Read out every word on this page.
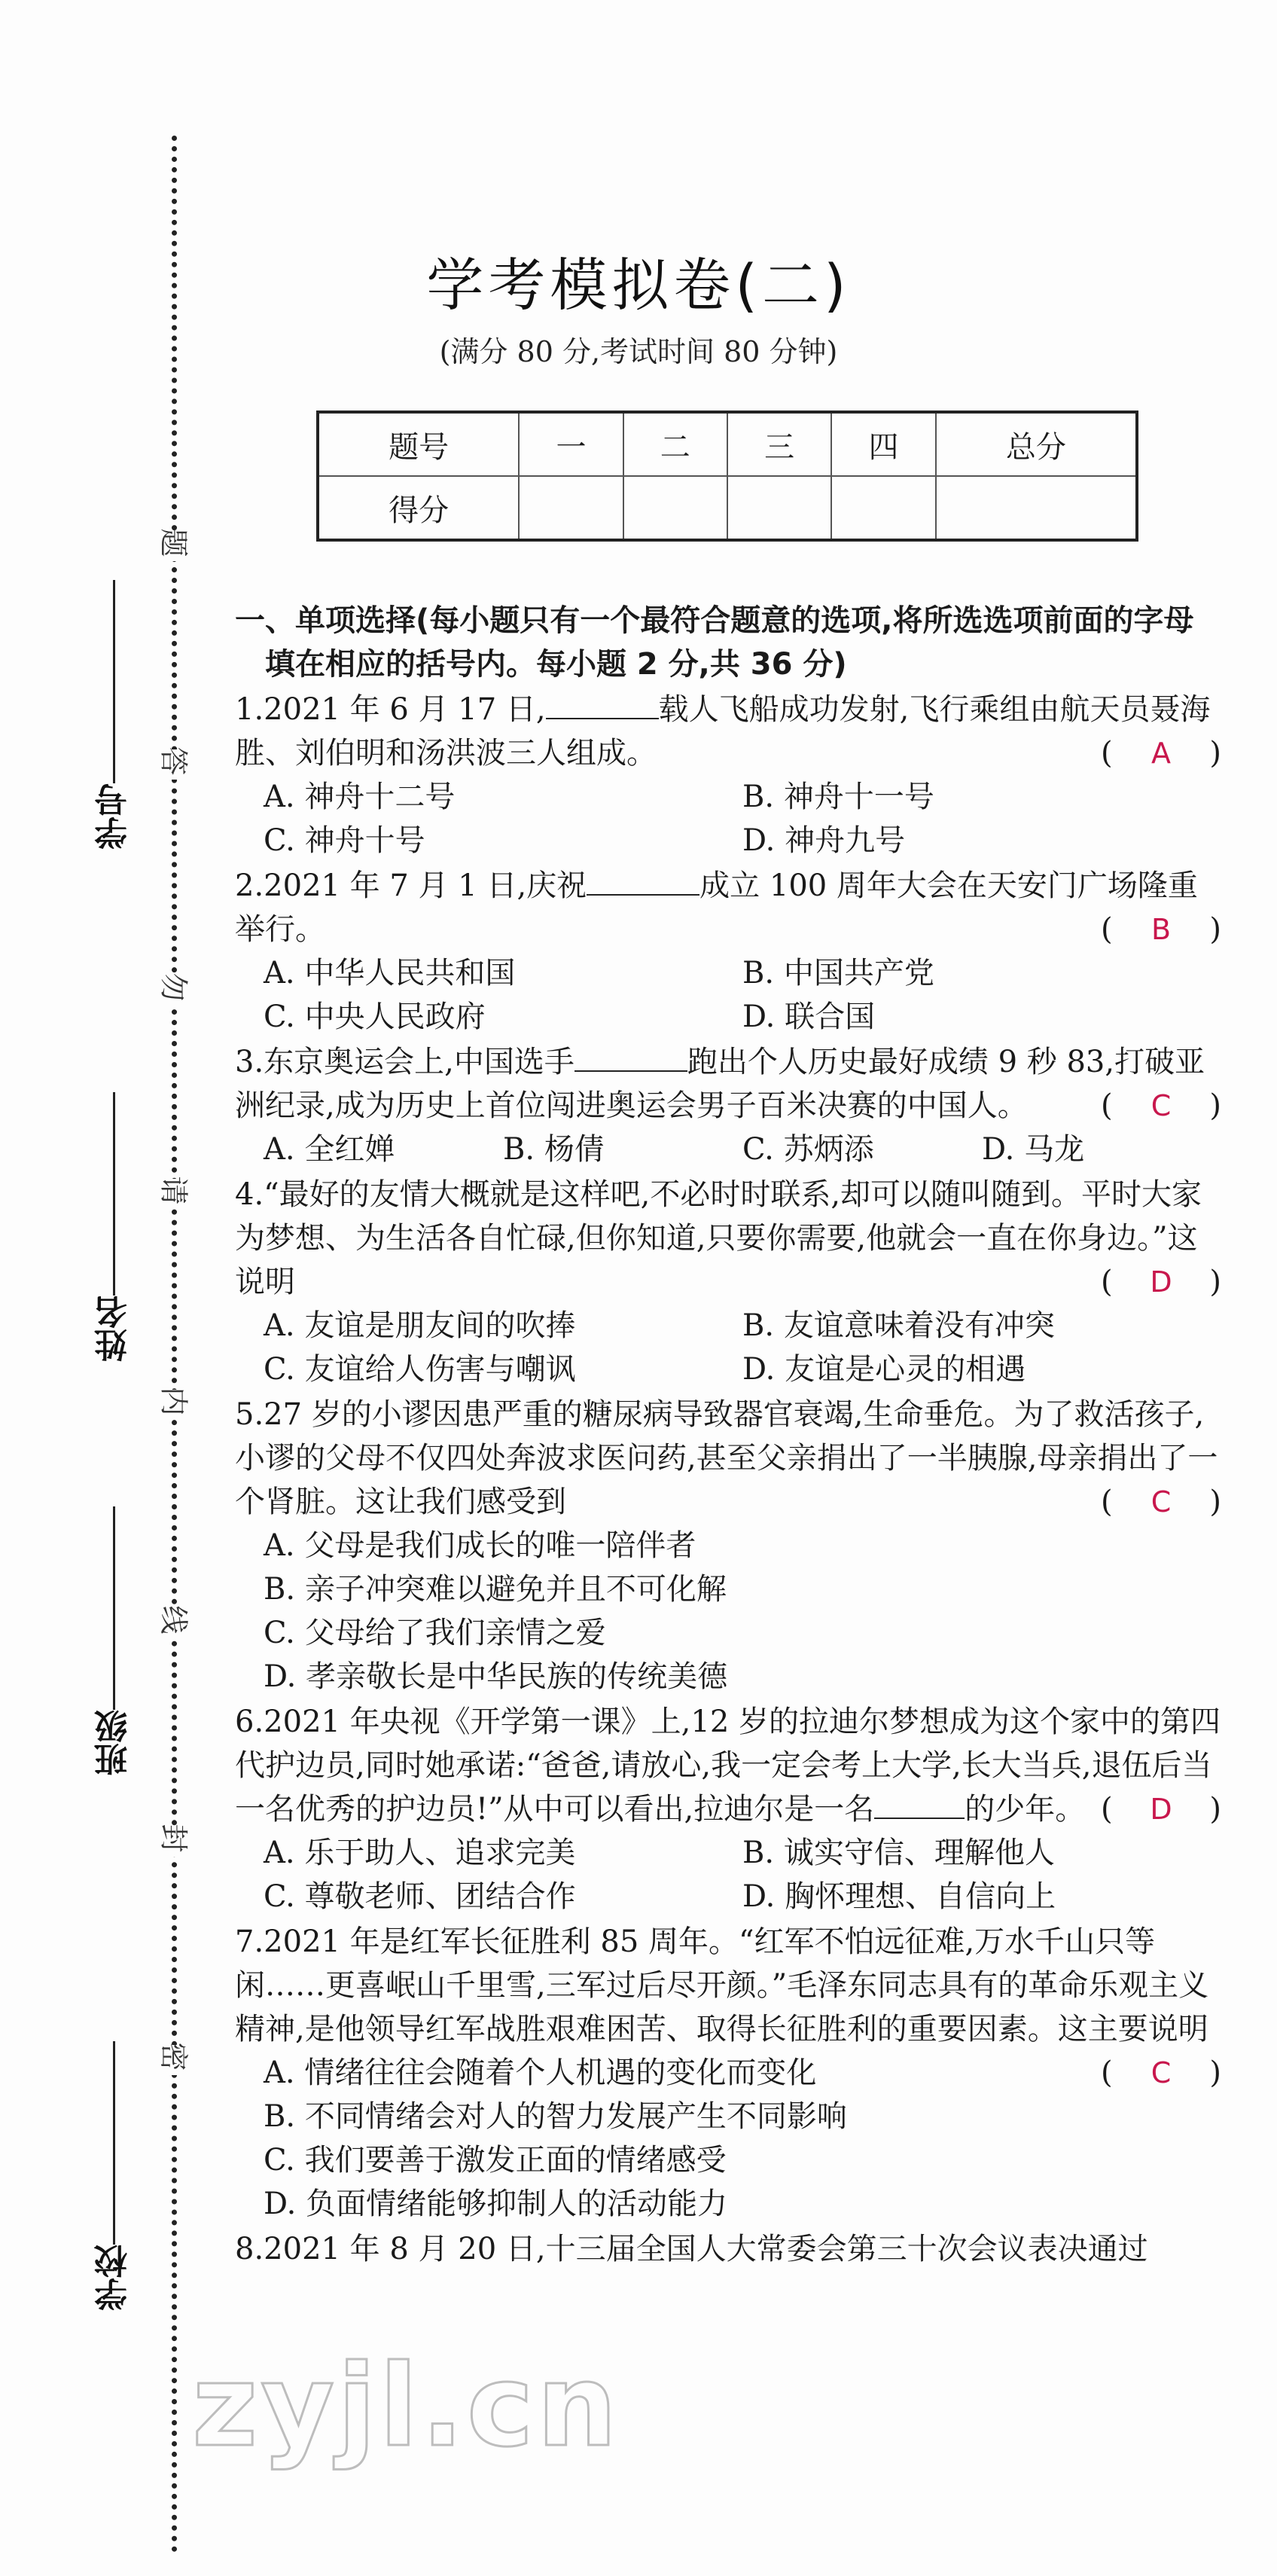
学号
姓名
班级
学校
题
答
勿
请
内
线
封
密
学考模拟卷(二)
(满分 80 分,考试时间 80 分钟)
题号	一	二	三	四	总分
得分					
一、单项选择(每小题只有一个最符合题意的选项,将所选选项前面的字母填在相应的括号内。每小题 2 分,共 36 分)
1.2021 年 6 月 17 日,	载人飞船成功发射,飞行乘组由航天员聂海胜、刘伯明和汤洪波三人组成。	( A )
A. 神舟十二号	B. 神舟十一号
C. 神舟十号	D. 神舟九号
2.2021 年 7 月 1 日,庆祝	成立 100 周年大会在天安门广场隆重举行。	( B )
A. 中华人民共和国	B. 中国共产党
C. 中央人民政府	D. 联合国
3.东京奥运会上,中国选手	跑出个人历史最好成绩 9 秒 83,打破亚洲纪录,成为历史上首位闯进奥运会男子百米决赛的中国人。 ( C )
A. 全红婵	B. 杨倩	C. 苏炳添	D. 马龙
4.“最好的友情大概就是这样吧,不必时时联系,却可以随叫随到。平时大家为梦想、为生活各自忙碌,但你知道,只要你需要,他就会一直在你身边。”这说明	( D )
A. 友谊是朋友间的吹捧	B. 友谊意味着没有冲突
C. 友谊给人伤害与嘲讽	D. 友谊是心灵的相遇
5.27 岁的小谬因患严重的糖尿病导致器官衰竭,生命垂危。为了救活孩子,小谬的父母不仅四处奔波求医问药,甚至父亲捐出了一半胰腺,母亲捐出了一个肾脏。这让我们感受到	( C )
A. 父母是我们成长的唯一陪伴者
B. 亲子冲突难以避免并且不可化解
C. 父母给了我们亲情之爱
D. 孝亲敬长是中华民族的传统美德
6.2021 年央视《开学第一课》上,12 岁的拉迪尔梦想成为这个家中的第四代护边员,同时她承诺:“爸爸,请放心,我一定会考上大学,长大当兵,退伍后当一名优秀的护边员!”从中可以看出,拉迪尔是一名	的少年。 ( D )
A. 乐于助人、追求完美	B. 诚实守信、理解他人
C. 尊敬老师、团结合作	D. 胸怀理想、自信向上
7.2021 年是红军长征胜利 85 周年。“红军不怕远征难,万水千山只等闲……更喜岷山千里雪,三军过后尽开颜。”毛泽东同志具有的革命乐观主义精神,是他领导红军战胜艰难困苦、取得长征胜利的重要因素。这主要说明
( C )
A. 情绪往往会随着个人机遇的变化而变化
B. 不同情绪会对人的智力发展产生不同影响
C. 我们要善于激发正面的情绪感受
D. 负面情绪能够抑制人的活动能力
8.2021 年 8 月 20 日,十三届全国人大常委会第三十次会议表决通过
zyjl.cn
